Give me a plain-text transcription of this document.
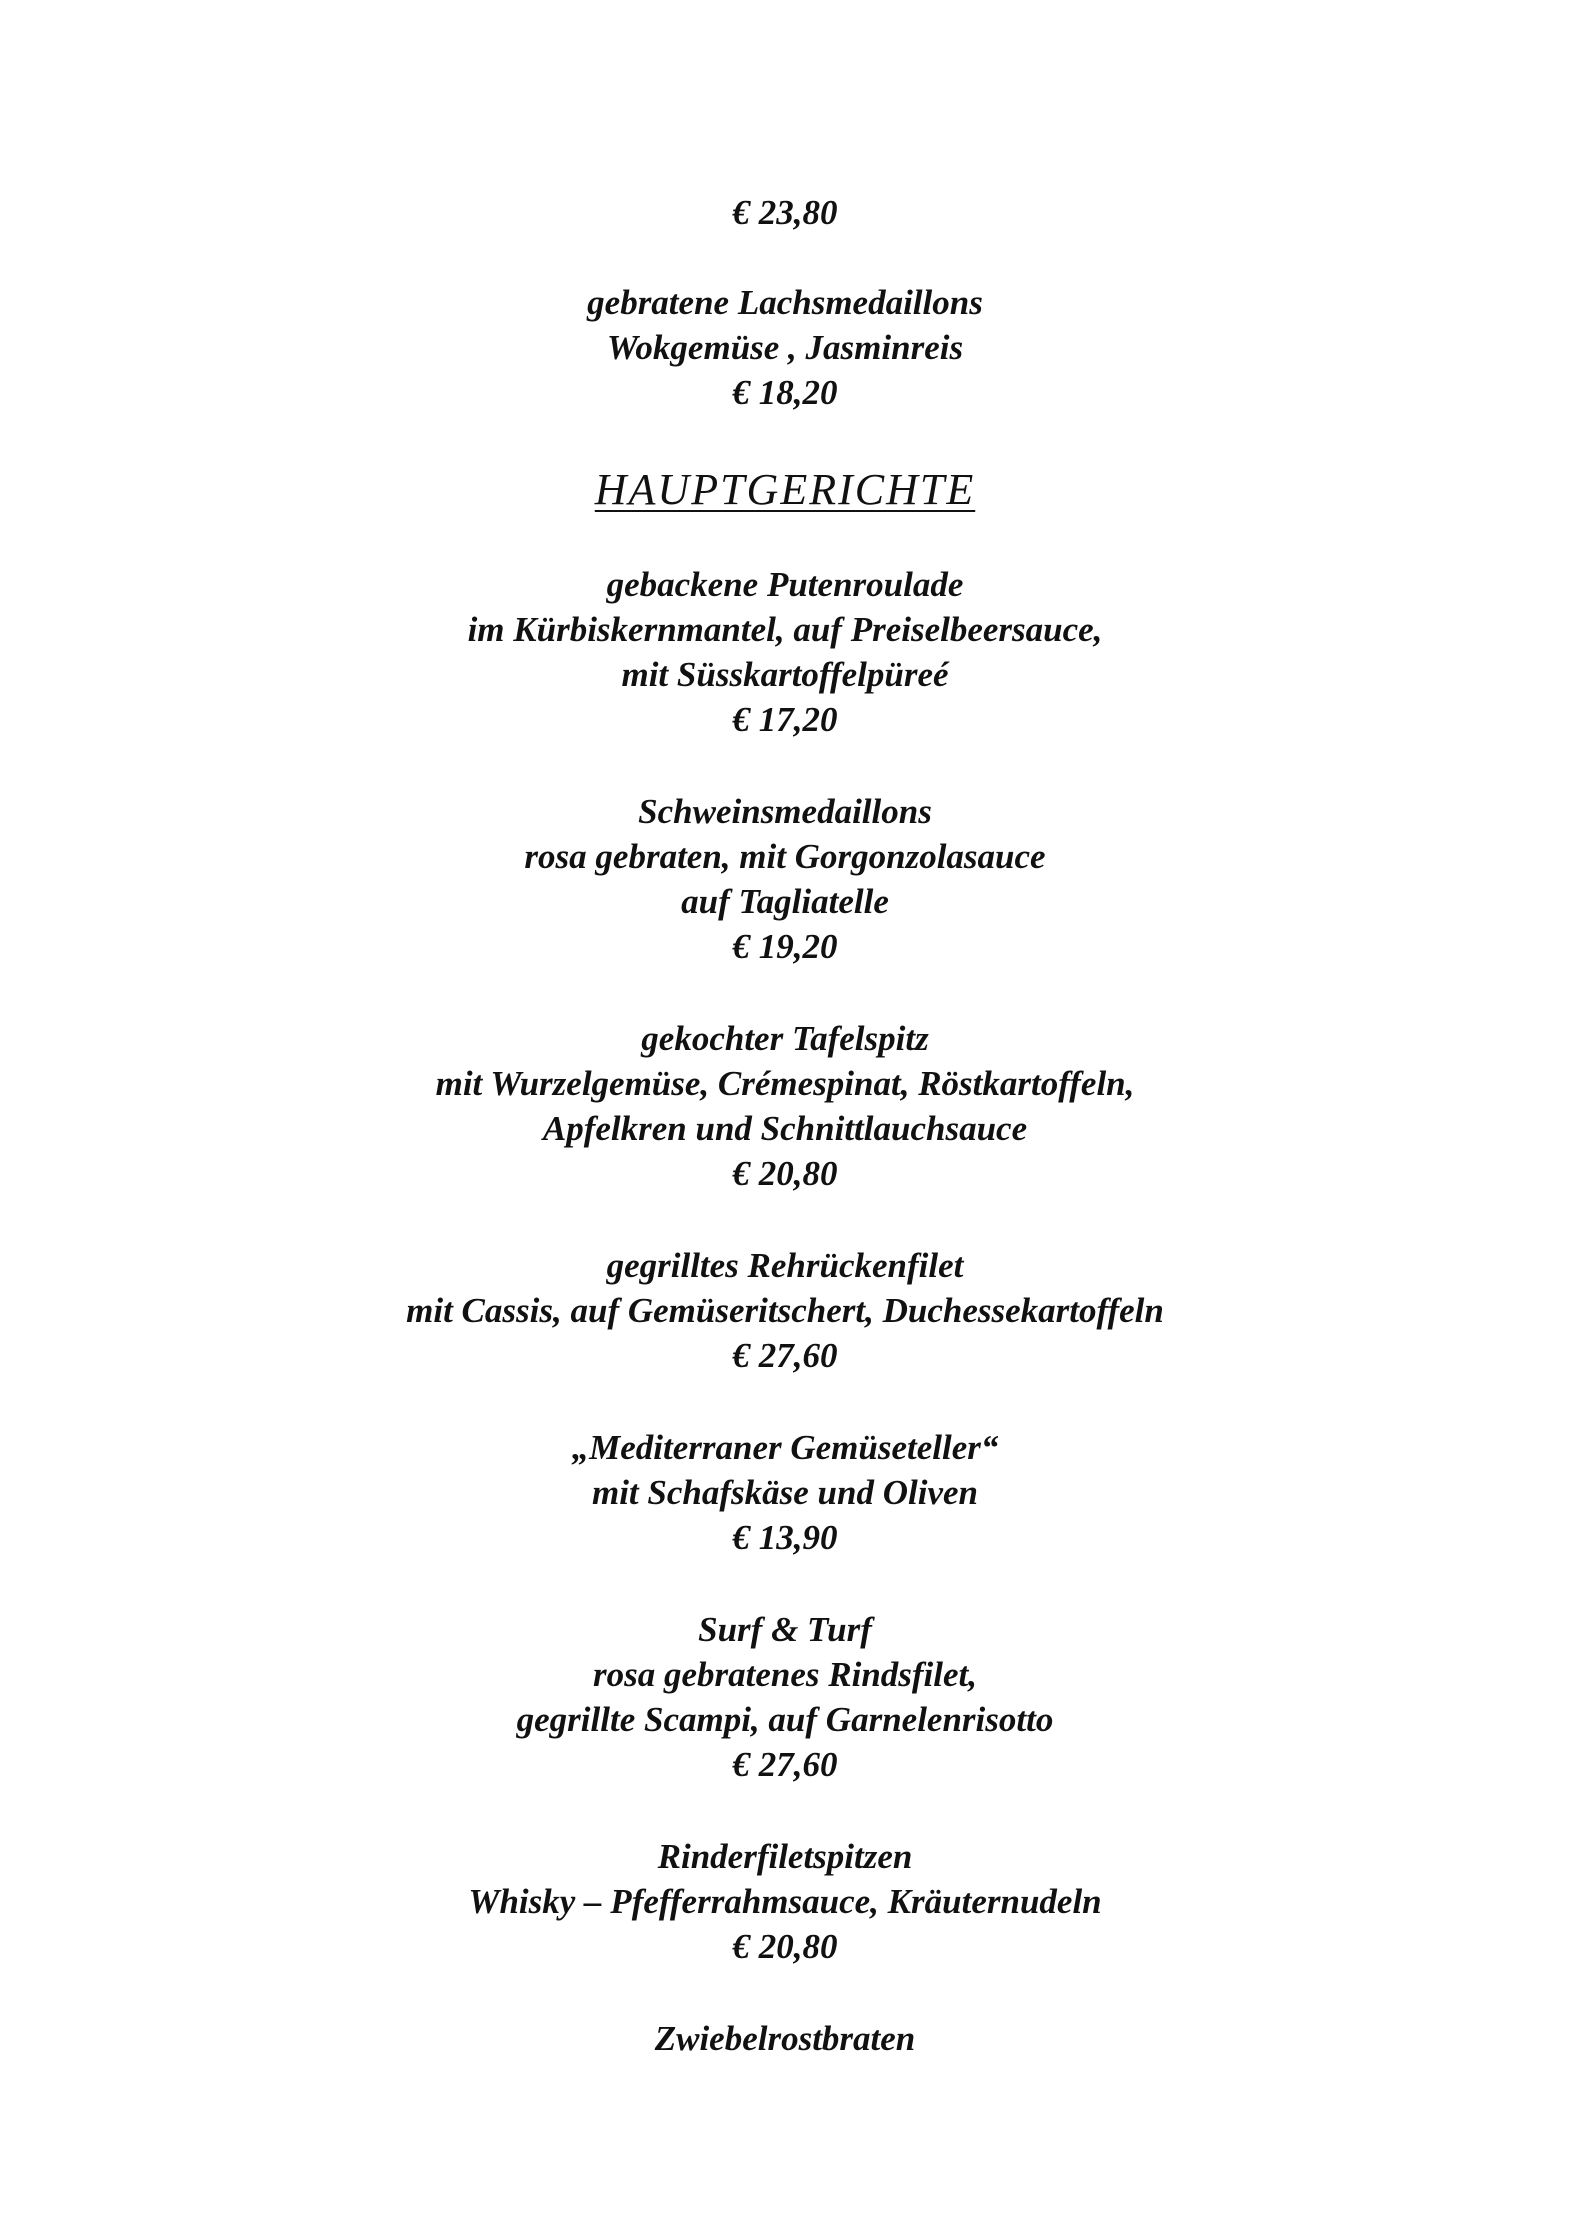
€ 23,80
gebratene Lachsmedaillons
Wokgemüse , Jasminreis
€ 18,20
HAUPTGERICHTE
gebackene Putenroulade
im Kürbiskernmantel, auf Preiselbeersauce,
mit Süsskartoffelpüreé
€ 17,20
Schweinsmedaillons
rosa gebraten, mit Gorgonzolasauce
auf Tagliatelle
€ 19,20
gekochter Tafelspitz
mit Wurzelgemüse, Crémespinat, Röstkartoffeln,
Apfelkren und Schnittlauchsauce
€ 20,80
gegrilltes Rehrückenfilet
mit Cassis, auf Gemüseritschert, Duchessekartoffeln
€ 27,60
„Mediterraner Gemüseteller“
mit Schafskäse und Oliven
€ 13,90
Surf & Turf
rosa gebratenes Rindsfilet,
gegrillte Scampi, auf Garnelenrisotto
€ 27,60
Rinderfiletspitzen
Whisky – Pfefferrahmsauce, Kräuternudeln
€ 20,80
Zwiebelrostbraten
